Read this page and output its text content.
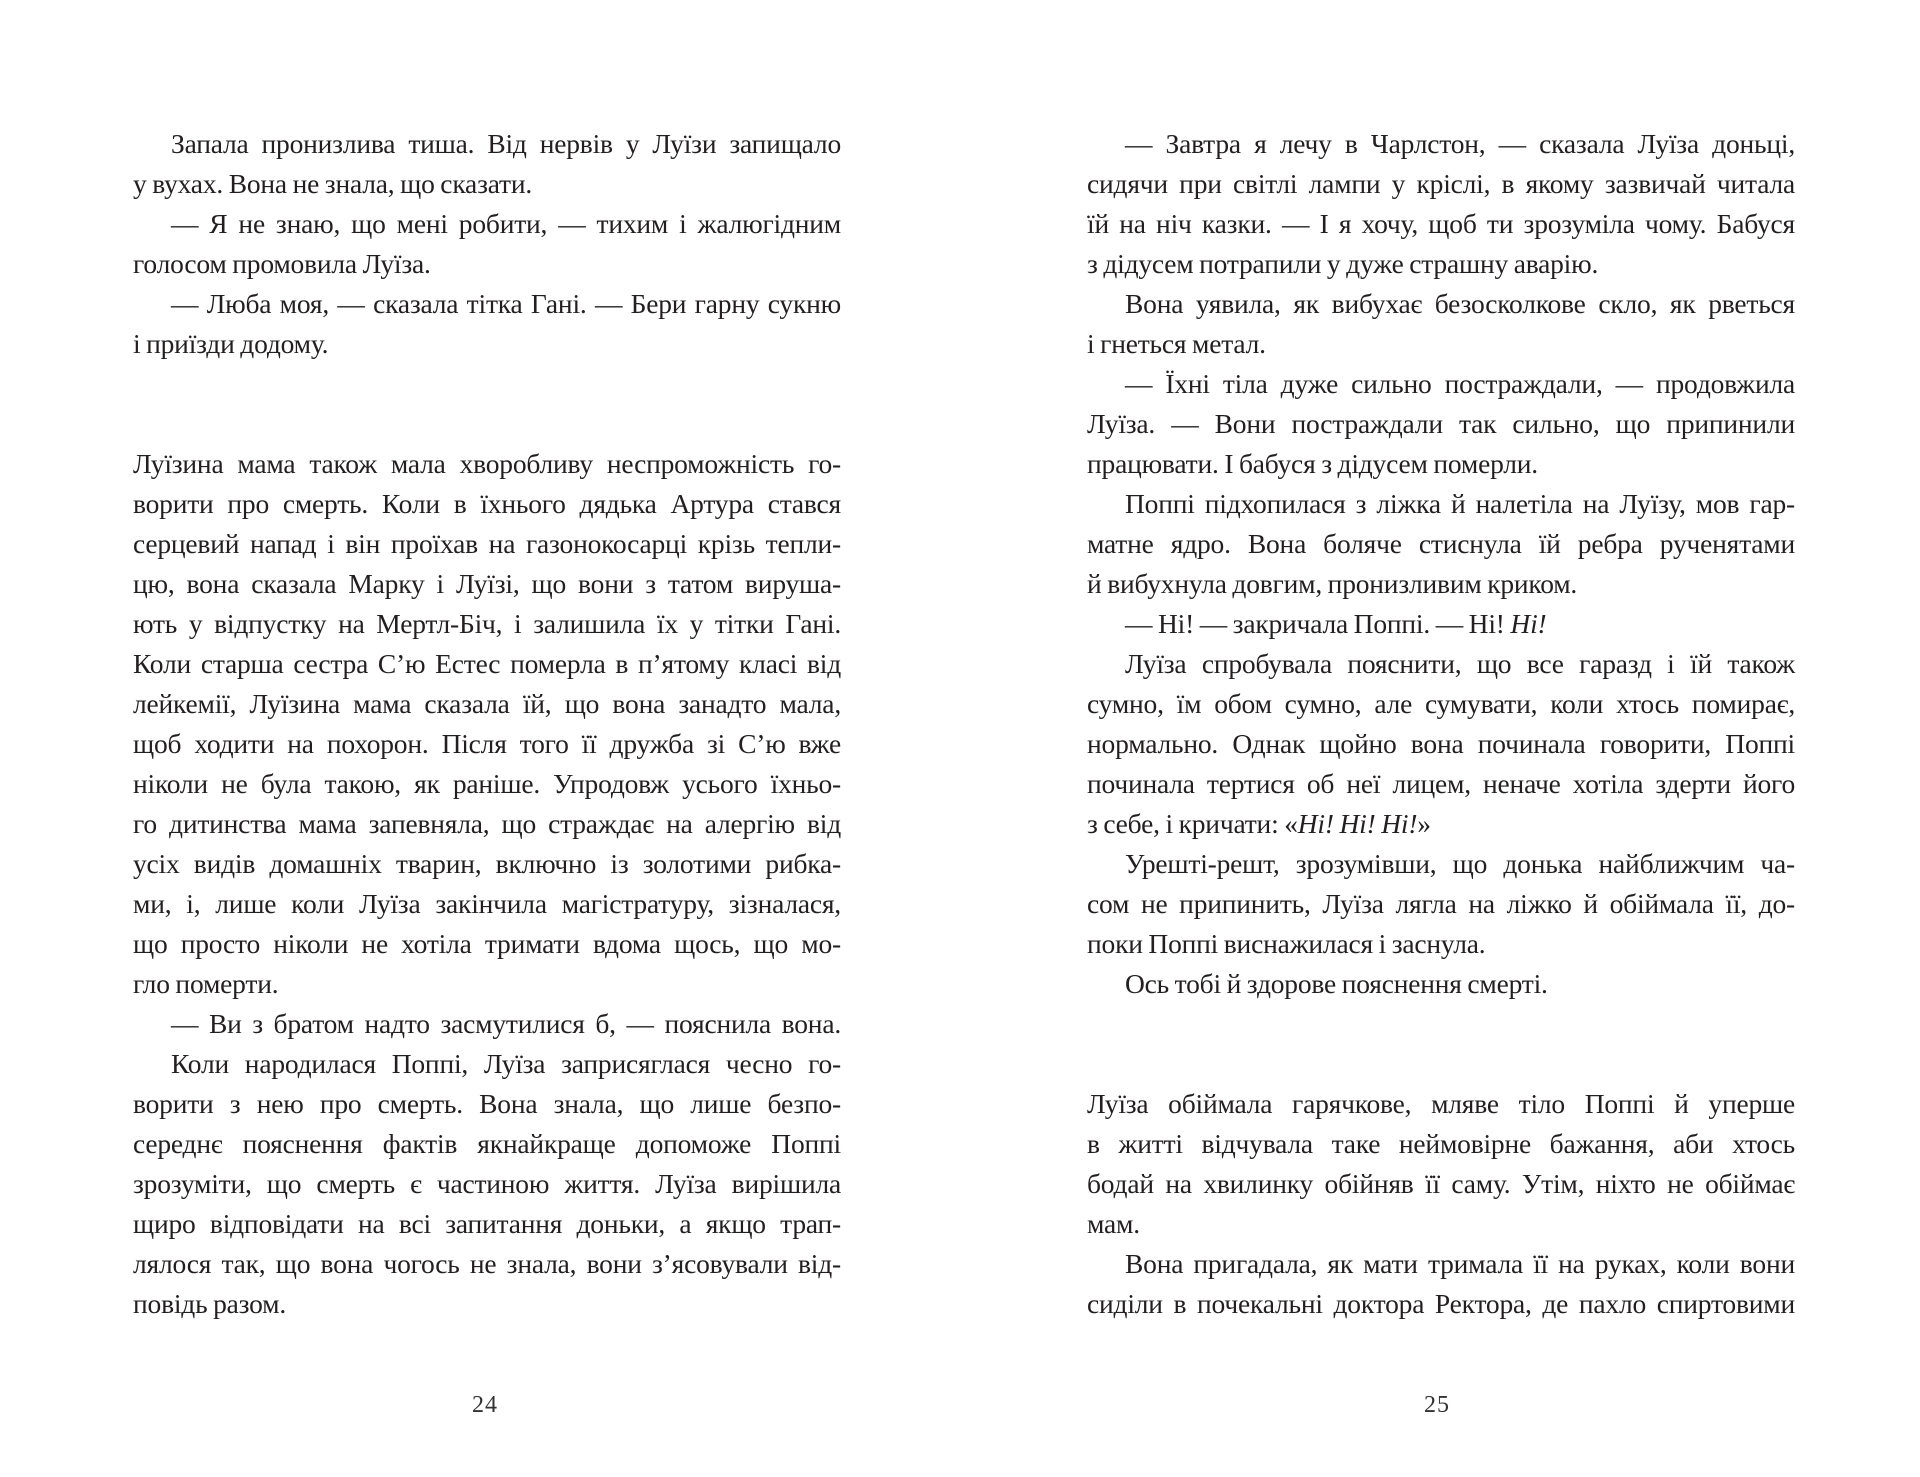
Запала пронизлива тиша. Від нервів у Луїзи запищало
у вухах. Вона не знала, що сказати.
— Я не знаю, що мені робити, — тихим і жалюгідним
голосом промовила Луїза.
— Люба моя, — сказала тітка Гані. — Бери гарну сукню
і приїзди додому.
Луїзина мама також мала хворобливу неспроможність го-
ворити про смерть. Коли в їхнього дядька Артура стався
серцевий напад і він проїхав на газонокосарці крізь тепли-
цю, вона сказала Марку і Луїзі, що вони з татом вируша-
ють у відпустку на Мертл-Біч, і залишила їх у тітки Гані.
Коли старша сестра С’ю Естес померла в п’ятому класі від
лейкемії, Луїзина мама сказала їй, що вона занадто мала,
щоб ходити на похорон. Після того її дружба зі С’ю вже
ніколи не була такою, як раніше. Упродовж усього їхньо-
го дитинства мама запевняла, що страждає на алергію від
усіх видів домашніх тварин, включно із золотими рибка-
ми, і, лише коли Луїза закінчила магістратуру, зізналася,
що просто ніколи не хотіла тримати вдома щось, що мо-
гло померти.
— Ви з братом надто засмутилися б, — пояснила вона.
Коли народилася Поппі, Луїза заприсяглася чесно го-
ворити з нею про смерть. Вона знала, що лише безпо-
середнє пояснення фактів якнайкраще допоможе Поппі
зрозуміти, що смерть є частиною життя. Луїза вирішила
щиро відповідати на всі запитання доньки, а якщо трап-
лялося так, що вона чогось не знала, вони з’ясовували від-
повідь разом.
24
— Завтра я лечу в Чарлстон, — сказала Луїза доньці,
сидячи при світлі лампи у кріслі, в якому зазвичай читала
їй на ніч казки. — І я хочу, щоб ти зрозуміла чому. Бабуся
з дідусем потрапили у дуже страшну аварію.
Вона уявила, як вибухає безосколкове скло, як рветься
і гнеться метал.
— Їхні тіла дуже сильно постраждали, — продовжила
Луїза. — Вони постраждали так сильно, що припинили
працювати. І бабуся з дідусем померли.
Поппі підхопилася з ліжка й налетіла на Луїзу, мов гар-
матне ядро. Вона боляче стиснула їй ребра рученятами
й вибухнула довгим, пронизливим криком.
— Ні! — закричала Поппі. — Ні! Ні!
Луїза спробувала пояснити, що все гаразд і їй також
сумно, їм обом сумно, але сумувати, коли хтось помирає,
нормально. Однак щойно вона починала говорити, Поппі
починала тертися об неї лицем, неначе хотіла здерти його
з себе, і кричати: «Ні! Ні! Ні!»
Урешті-решт, зрозумівши, що донька найближчим ча-
сом не припинить, Луїза лягла на ліжко й обіймала її, до-
поки Поппі виснажилася і заснула.
Ось тобі й здорове пояснення смерті.
Луїза обіймала гарячкове, мляве тіло Поппі й уперше
в житті відчувала таке неймовірне бажання, аби хтось
бодай на хвилинку обійняв її саму. Утім, ніхто не обіймає
мам.
Вона пригадала, як мати тримала її на руках, коли вони
сиділи в почекальні доктора Ректора, де пахло спиртовими
25
